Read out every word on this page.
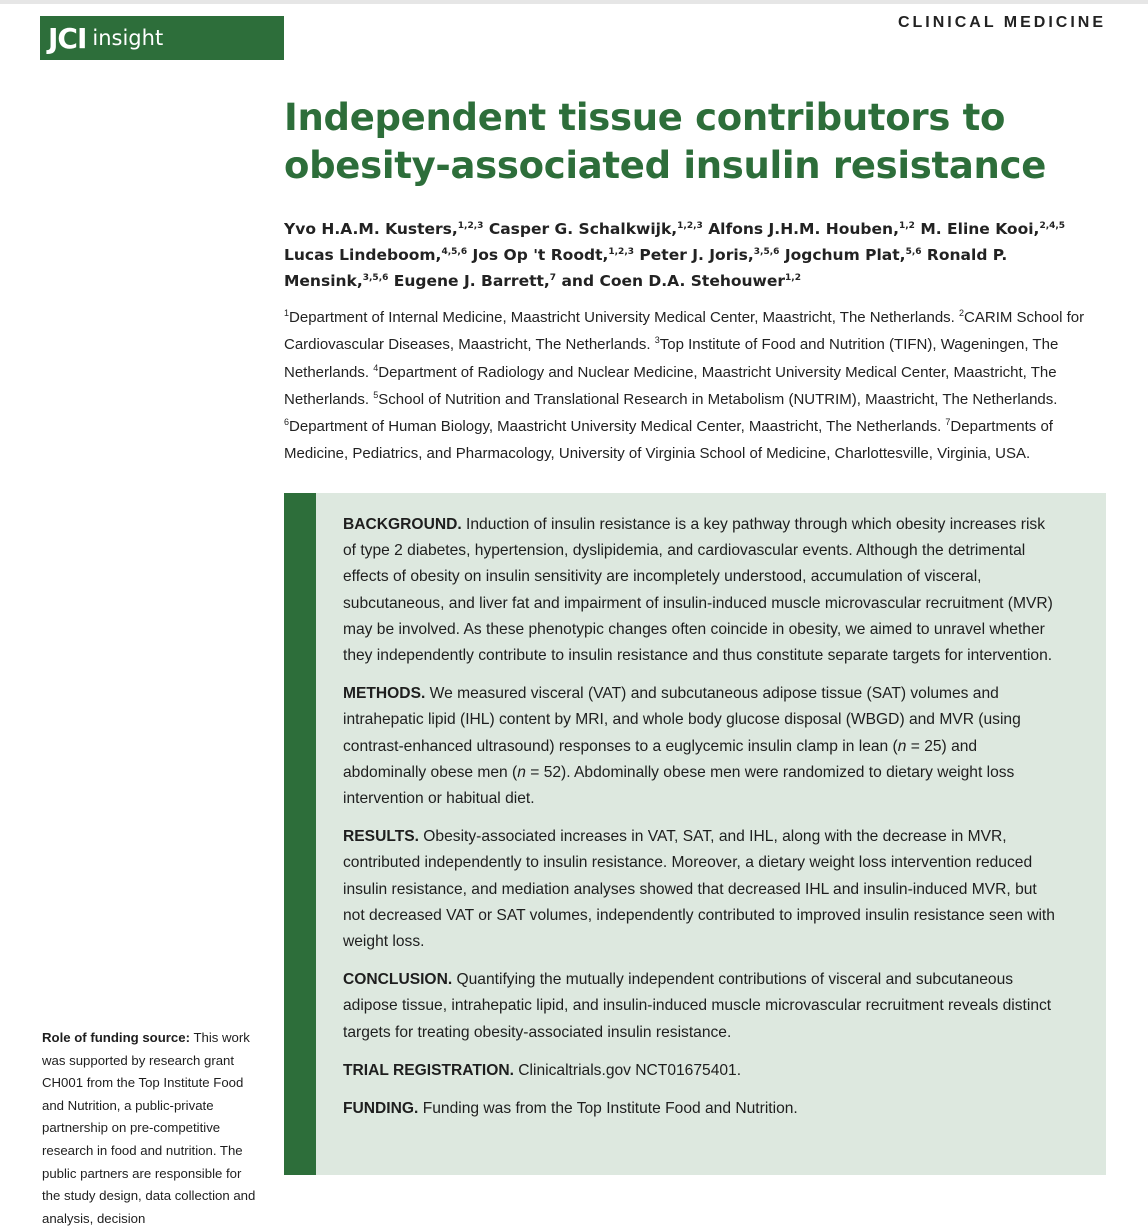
JCI insight
CLINICAL MEDICINE
Independent tissue contributors to obesity-associated insulin resistance

Yvo H.A.M. Kusters,$^{1,2,3}$ Casper G. Schalkwijk,$^{1,2,3}$ Alfons J.H.M. Houben,$^{1,2}$ M. Eline Kooi,$^{2,4,5}$ Lucas Lindeboom,$^{4,5,6}$ Jos Op 't Roodt,$^{1,2,3}$ Peter J. Joris,$^{3,5,6}$ Jogchum Plat,$^{5,6}$ Ronald P. Mensink,$^{3,5,6}$ Eugene J. Barrett,$^7$ and Coen D.A. Stehouwer$^{1,2}$

$^1$Department of Internal Medicine, Maastricht University Medical Center, Maastricht, The Netherlands. $^2$CARIM School for Cardiovascular Diseases, Maastricht, The Netherlands. $^3$Top Institute of Food and Nutrition (TIFN), Wageningen, The Netherlands. $^4$Department of Radiology and Nuclear Medicine, Maastricht University Medical Center, Maastricht, The Netherlands. $^5$School of Nutrition and Translational Research in Metabolism (NUTRIM), Maastricht, The Netherlands. $^6$Department of Human Biology, Maastricht University Medical Center, Maastricht, The Netherlands. $^7$Departments of Medicine, Pediatrics, and Pharmacology, University of Virginia School of Medicine, Charlottesville, Virginia, USA.

BACKGROUND. Induction of insulin resistance is a key pathway through which obesity increases risk of type 2 diabetes, hypertension, dyslipidemia, and cardiovascular events. Although the detrimental effects of obesity on insulin sensitivity are incompletely understood, accumulation of visceral, subcutaneous, and liver fat and impairment of insulin-induced muscle microvascular recruitment (MVR) may be involved. As these phenotypic changes often coincide in obesity, we aimed to unravel whether they independently contribute to insulin resistance and thus constitute separate targets for intervention.

METHODS. We measured visceral (VAT) and subcutaneous adipose tissue (SAT) volumes and intrahepatic lipid (IHL) content by MRI, and whole body glucose disposal (WBGD) and MVR (using contrast-enhanced ultrasound) responses to a euglycemic insulin clamp in lean (n = 25) and abdominally obese men (n = 52). Abdominally obese men were randomized to dietary weight loss intervention or habitual diet.

RESULTS. Obesity-associated increases in VAT, SAT, and IHL, along with the decrease in MVR, contributed independently to insulin resistance. Moreover, a dietary weight loss intervention reduced insulin resistance, and mediation analyses showed that decreased IHL and insulin-induced MVR, but not decreased VAT or SAT volumes, independently contributed to improved insulin resistance seen with weight loss.

CONCLUSION. Quantifying the mutually independent contributions of visceral and subcutaneous adipose tissue, intrahepatic lipid, and insulin-induced muscle microvascular recruitment reveals distinct targets for treating obesity-associated insulin resistance.

TRIAL REGISTRATION. Clinicaltrials.gov NCT01675401.

FUNDING. Funding was from the Top Institute Food and Nutrition.

Role of funding source: This work was supported by research grant CH001 from the Top Institute Food and Nutrition, a public-private partnership on pre-competitive research in food and nutrition. The public partners are responsible for the study design, data collection and analysis, decision
